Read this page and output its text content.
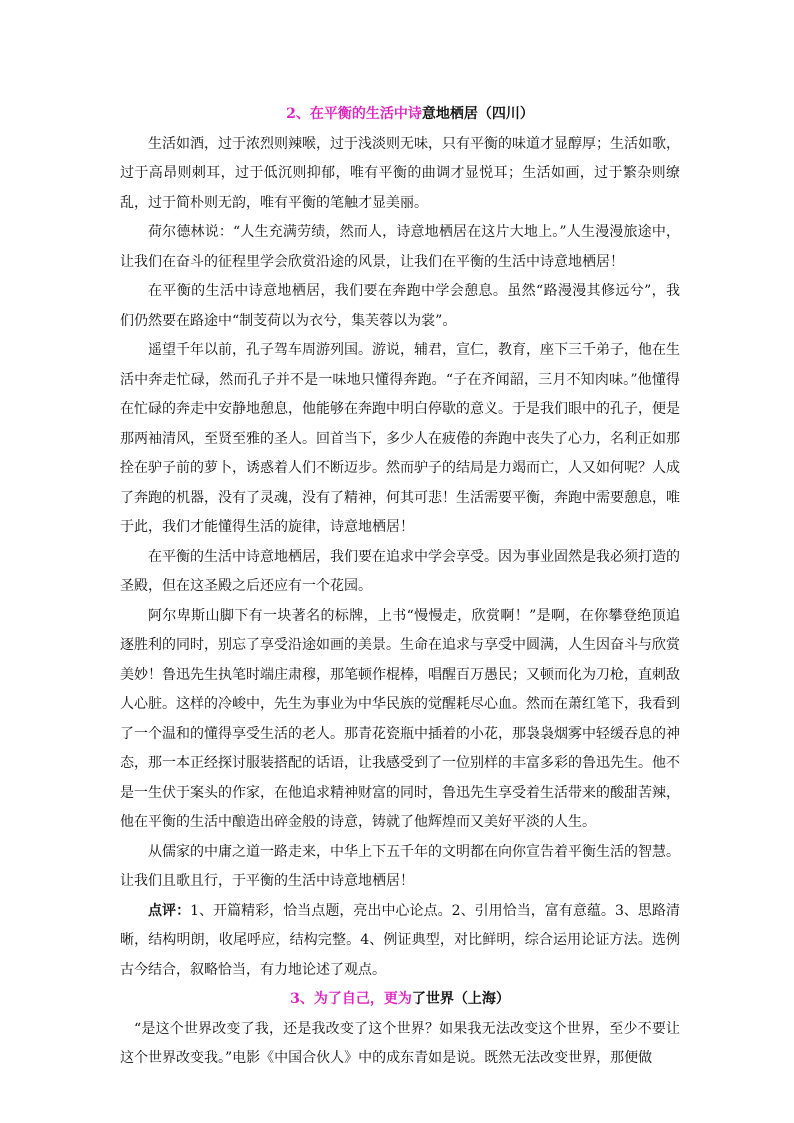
2、在平衡的生活中诗意地栖居（四川）

生活如酒，过于浓烈则辣喉，过于浅淡则无味，只有平衡的味道才显醇厚；生活如歌，过于高昂则刺耳，过于低沉则抑郁，唯有平衡的曲调才显悦耳；生活如画，过于繁杂则缭乱，过于简朴则无韵，唯有平衡的笔触才显美丽。

荷尔德林说：“人生充满劳绩，然而人，诗意地栖居在这片大地上。”人生漫漫旅途中，让我们在奋斗的征程里学会欣赏沿途的风景，让我们在平衡的生活中诗意地栖居！

在平衡的生活中诗意地栖居，我们要在奔跑中学会憩息。虽然“路漫漫其修远兮”，我们仍然要在路途中“制芰荷以为衣兮，集芙蓉以为裳”。

遥望千年以前，孔子驾车周游列国。游说，辅君，宣仁，教育，座下三千弟子，他在生活中奔走忙碌，然而孔子并不是一味地只懂得奔跑。“子在齐闻韶，三月不知肉味。”他懂得在忙碌的奔走中安静地憩息，他能够在奔跑中明白停歇的意义。于是我们眼中的孔子，便是那两袖清风，至贤至雅的圣人。回首当下，多少人在疲倦的奔跑中丧失了心力，名利正如那拴在驴子前的萝卜，诱惑着人们不断迈步。然而驴子的结局是力竭而亡，人又如何呢？人成了奔跑的机器，没有了灵魂，没有了精神，何其可悲！生活需要平衡，奔跑中需要憩息，唯于此，我们才能懂得生活的旋律，诗意地栖居！

在平衡的生活中诗意地栖居，我们要在追求中学会享受。因为事业固然是我必须打造的圣殿，但在这圣殿之后还应有一个花园。

阿尔卑斯山脚下有一块著名的标牌，上书“慢慢走，欣赏啊！”是啊，在你攀登绝顶追逐胜利的同时，别忘了享受沿途如画的美景。生命在追求与享受中圆满，人生因奋斗与欣赏美妙！鲁迅先生执笔时端庄肃穆，那笔顿作棍棒，唱醒百万愚民；又顿而化为刀枪，直刺敌人心脏。这样的冷峻中，先生为事业为中华民族的觉醒耗尽心血。然而在萧红笔下，我看到了一个温和的懂得享受生活的老人。那青花瓷瓶中插着的小花，那袅袅烟雾中轻缓吞息的神态，那一本正经探讨服装搭配的话语，让我感受到了一位别样的丰富多彩的鲁迅先生。他不是一生伏于案头的作家，在他追求精神财富的同时，鲁迅先生享受着生活带来的酸甜苦辣，他在平衡的生活中酿造出碎金般的诗意，铸就了他辉煌而又美好平淡的人生。

从儒家的中庸之道一路走来，中华上下五千年的文明都在向你宣告着平衡生活的智慧。让我们且歌且行，于平衡的生活中诗意地栖居！

点评：1、开篇精彩，恰当点题，亮出中心论点。2、引用恰当，富有意蕴。3、思路清晰，结构明朗，收尾呼应，结构完整。4、例证典型，对比鲜明，综合运用论证方法。选例古今结合，叙略恰当，有力地论述了观点。

3、为了自己，更为了世界（上海）

“是这个世界改变了我，还是我改变了这个世界？如果我无法改变这个世界，至少不要让这个世界改变我。”电影《中国合伙人》中的成东青如是说。既然无法改变世界，那便做
